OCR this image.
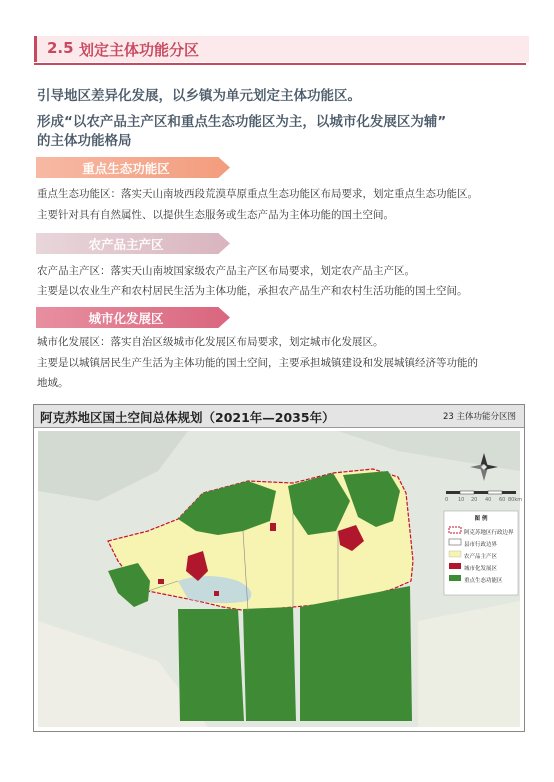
2.5 划定主体功能分区
引导地区差异化发展，以乡镇为单元划定主体功能区。
形成“以农产品主产区和重点生态功能区为主，以城市化发展区为辅”
的主体功能格局
重点生态功能区
重点生态功能区：落实天山南坡西段荒漠草原重点生态功能区布局要求，划定重点生态功能区。
主要针对具有自然属性、以提供生态服务或生态产品为主体功能的国土空间。
农产品主产区
农产品主产区：落实天山南坡国家级农产品主产区布局要求，划定农产品主产区。
主要是以农业生产和农村居民生活为主体功能，承担农产品生产和农村生活功能的国土空间。
城市化发展区
城市化发展区：落实自治区级城市化发展区布局要求，划定城市化发展区。
主要是以城镇居民生产生活为主体功能的国土空间，主要承担城镇建设和发展城镇经济等功能的
地域。
阿克苏地区国土空间总体规划（2021年—2035年）	23 主体功能分区图
图 例
阿克苏地区行政边界
县市行政边界
农产品主产区
城市化发展区
重点生态功能区
0 10 20 40 60 80km
